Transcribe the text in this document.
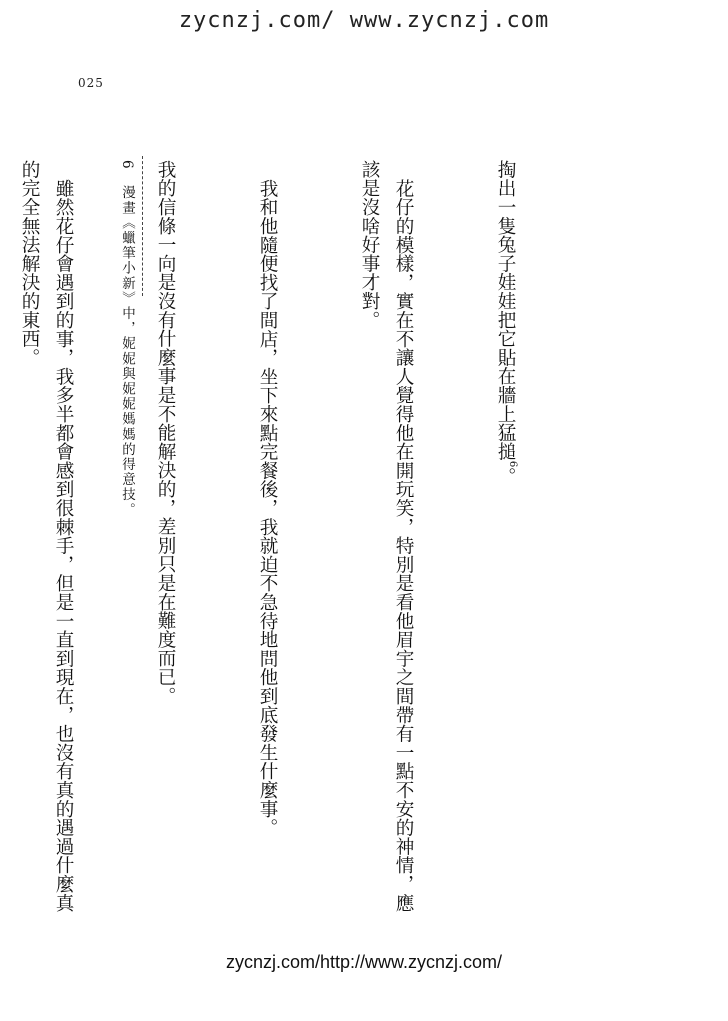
zycnzj.com/ www.zycnzj.com
025

掏出一隻兔子娃娃把它貼在牆上猛搥$^6$。

花仔的模樣，實在不讓人覺得他在開玩笑，特別是看他眉宇之間帶有一點不安的神情，應該是沒啥好事才對。

我和他隨便找了間店，坐下來點完餐後，我就迫不急待地問他到底發生什麼事。

我的信條一向是沒有什麼事是不能解決的，差別只是在難度而已。

雖然花仔會遇到的事，我多半都會感到很棘手，但是一直到現在，也沒有真的遇過什麼真的完全無法解決的東西。

	6　漫畫《蠟筆小新》中，妮妮與妮妮媽媽的得意技。
zycnzj.com/http://www.zycnzj.com/
